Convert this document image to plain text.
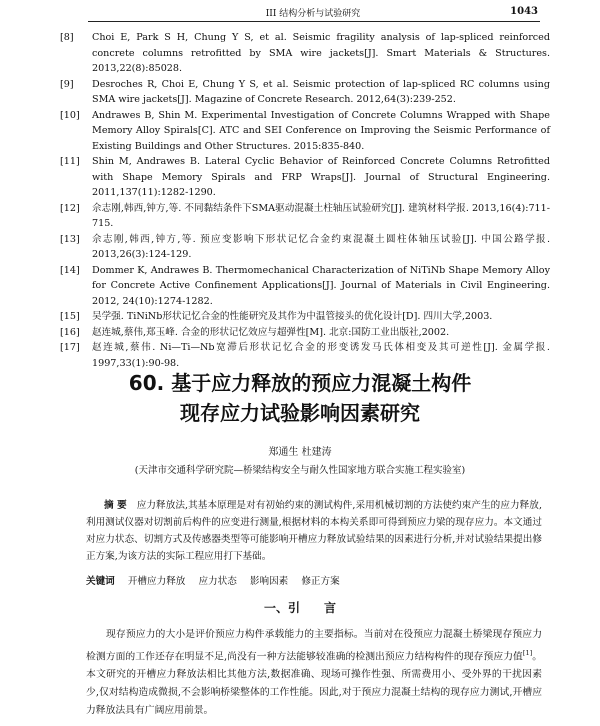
III 结构分析与试验研究	1043
[8] Choi E, Park S H, Chung Y S, et al. Seismic fragility analysis of lap-spliced reinforced concrete columns retrofitted by SMA wire jackets[J]. Smart Materials & Structures. 2013,22(8):85028.
[9] Desroches R, Choi E, Chung Y S, et al. Seismic protection of lap-spliced RC columns using SMA wire jackets[J]. Magazine of Concrete Research. 2012,64(3):239-252.
[10] Andrawes B, Shin M. Experimental Investigation of Concrete Columns Wrapped with Shape Memory Alloy Spirals[C]. ATC and SEI Conference on Improving the Seismic Performance of Existing Buildings and Other Structures. 2015:835-840.
[11] Shin M, Andrawes B. Lateral Cyclic Behavior of Reinforced Concrete Columns Retrofitted with Shape Memory Spirals and FRP Wraps[J]. Journal of Structural Engineering. 2011,137(11):1282-1290.
[12] 佘志刚,韩西,钟方,等. 不同黏结条件下SMA驱动混凝土柱轴压试验研究[J]. 建筑材料学报. 2013,16(4):711-715.
[13] 佘志刚,韩西,钟方,等. 预应变影响下形状记忆合金约束混凝土圆柱体轴压试验[J]. 中国公路学报. 2013,26(3):124-129.
[14] Dommer K, Andrawes B. Thermomechanical Characterization of NiTiNb Shape Memory Alloy for Concrete Active Confinement Applications[J]. Journal of Materials in Civil Engineering. 2012, 24(10):1274-1282.
[15] 吴学强. TiNiNb形状记忆合金的性能研究及其作为中温管接头的优化设计[D]. 四川大学,2003.
[16] 赵连城,蔡伟,郑玉峰. 合金的形状记忆效应与超弹性[M]. 北京:国防工业出版社,2002.
[17] 赵连城,蔡伟. Ni—Ti—Nb宽滞后形状记忆合金的形变诱发马氏体相变及其可逆性[J]. 金属学报. 1997,33(1):90-98.
60. 基于应力释放的预应力混凝土构件
现存应力试验影响因素研究
郑通生 杜建涛
(天津市交通科学研究院—桥梁结构安全与耐久性国家地方联合实施工程实验室)
摘 要 应力释放法,其基本原理是对有初始约束的测试构件,采用机械切割的方法使约束产生的应力释放,利用测试仪器对切割前后构件的应变进行测量,根据材料的本构关系即可得到预应力梁的现存应力。本文通过对应力状态、切割方式及传感器类型等可能影响开槽应力释放试验结果的因素进行分析,并对试验结果提出修正方案,为该方法的实际工程应用打下基础。
关键词 开槽应力释放 应力状态 影响因素 修正方案
一、引 言
现存预应力的大小是评价预应力构件承载能力的主要指标。当前对在役预应力混凝土桥梁现存预应力检测方面的工作还存在明显不足,尚没有一种方法能够较准确的检测出预应力结构构件的现存预应力值[1]。本文研究的开槽应力释放法相比其他方法,数据准确、现场可操作性强、所需费用小、受外界的干扰因素少,仅对结构造成微损,不会影响桥梁整体的工作性能。因此,对于预应力混凝土结构的现存应力测试,开槽应力释放法具有广阔应用前景。
